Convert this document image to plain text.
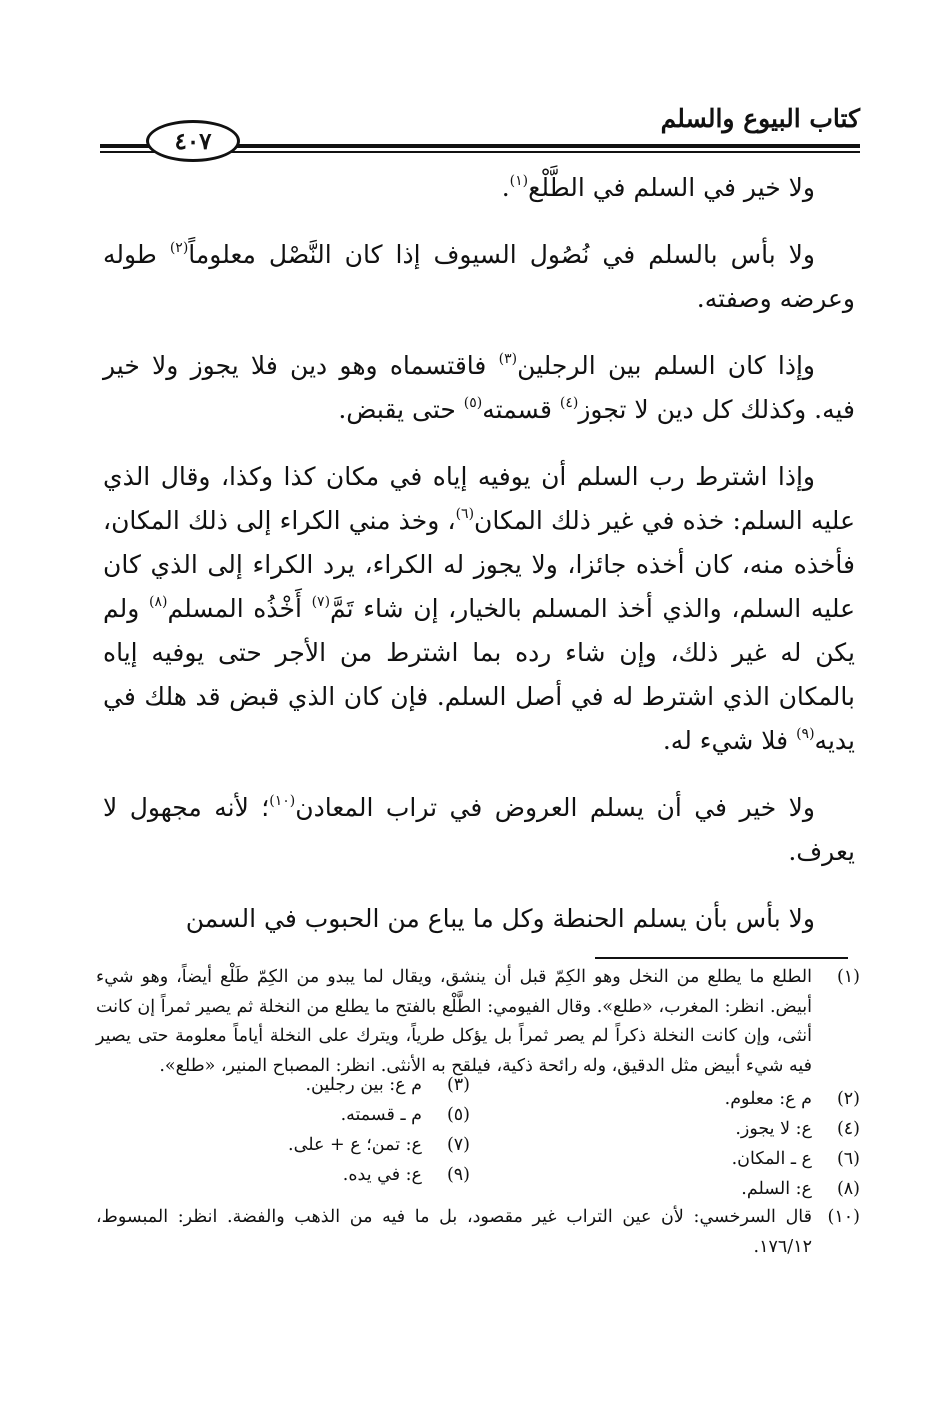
٤٠٧
كتاب البيوع والسلم

ولا خير في السلم في الطَّلْع$^{(١)}$.

ولا بأس بالسلم في نُصُول السيوف إذا كان النَّصْل معلوماً$^{(٢)}$ طوله وعرضه وصفته.

وإذا كان السلم بين الرجلين$^{(٣)}$ فاقتسماه وهو دين فلا يجوز ولا خير فيه. وكذلك كل دين لا تجوز$^{(٤)}$ قسمته$^{(٥)}$ حتى يقبض.

وإذا اشترط رب السلم أن يوفيه إياه في مكان كذا وكذا، وقال الذي عليه السلم: خذه في غير ذلك المكان$^{(٦)}$، وخذ مني الكراء إلى ذلك المكان، فأخذه منه، كان أخذه جائزا، ولا يجوز له الكراء، يرد الكراء إلى الذي كان عليه السلم، والذي أخذ المسلم بالخيار، إن شاء تَمَّ$^{(٧)}$ أَخْذُه المسلم$^{(٨)}$ ولم يكن له غير ذلك، وإن شاء رده بما اشترط من الأجر حتى يوفيه إياه بالمكان الذي اشترط له في أصل السلم. فإن كان الذي قبض قد هلك في يديه$^{(٩)}$ فلا شيء له.

ولا خير في أن يسلم العروض في تراب المعادن$^{(١٠)}$؛ لأنه مجهول لا يعرف.

ولا بأس بأن يسلم الحنطة وكل ما يباع من الحبوب في السمن

(١)
الطلع ما يطلع من النخل وهو الكِمّ قبل أن ينشق، ويقال لما يبدو من الكِمّ طَلْع أيضاً، وهو شيء أبيض. انظر: المغرب، «طلع». وقال الفيومي: الطَّلْع بالفتح ما يطلع من النخلة ثم يصير ثمراً إن كانت أنثى، وإن كانت النخلة ذكراً لم يصر ثمراً بل يؤكل طرياً، ويترك على النخلة أياماً معلومة حتى يصير فيه شيء أبيض مثل الدقيق، وله رائحة ذكية، فيلقح به الأنثى. انظر: المصباح المنير، «طلع».
(٢)م ع: معلوم.
(٣)م ع: بين رجلين.
(٤)ع: لا يجوز.
(٥)م ـ قسمته.
(٦)ع ـ المكان.
(٧)ع: تمن؛ ع + على.
(٨)ع: السلم.
(٩)ع: في يده.
(١٠)
قال السرخسي: لأن عين التراب غير مقصود، بل ما فيه من الذهب والفضة. انظر: المبسوط، ١٧٦/١٢.
